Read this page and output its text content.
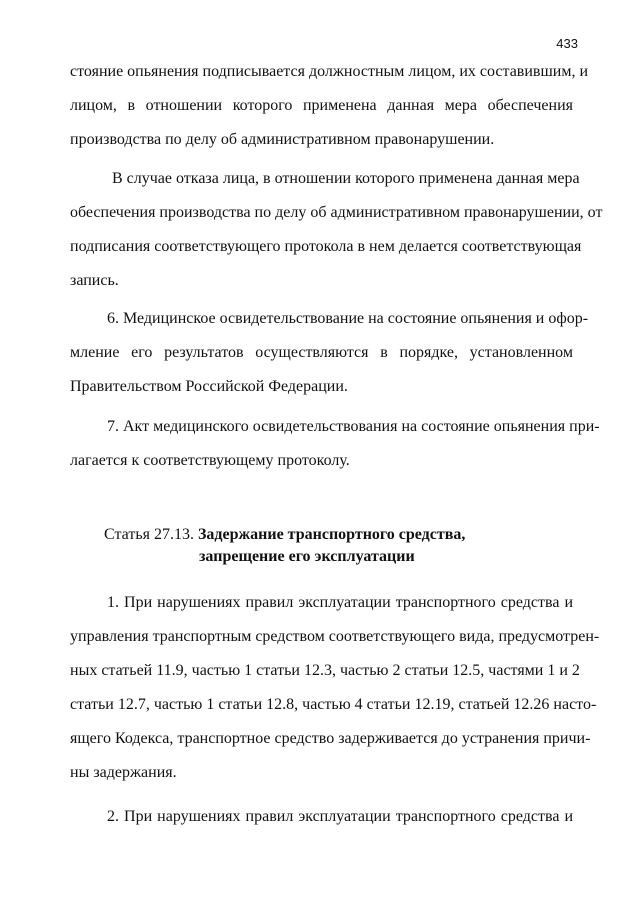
433
стояние опьянения подписывается должностным лицом, их составившим, и
лицом, в отношении которого применена данная мера обеспечения
производства по делу об административном правонарушении.
В случае отказа лица, в отношении которого применена данная мера
обеспечения производства по делу об административном правонарушении, от
подписания соответствующего протокола в нем делается соответствующая
запись.
6. Медицинское освидетельствование на состояние опьянения и офор-
мление его результатов осуществляются в порядке, установленном
Правительством Российской Федерации.
7. Акт медицинского освидетельствования на состояние опьянения при-
лагается к соответствующему протоколу.
Статья 27.13. Задержание транспортного средства,
запрещение его эксплуатации
1. При нарушениях правил эксплуатации транспортного средства и
управления транспортным средством соответствующего вида, предусмотрен-
ных статьей 11.9, частью 1 статьи 12.3, частью 2 статьи 12.5, частями 1 и 2
статьи 12.7, частью 1 статьи 12.8, частью 4 статьи 12.19, статьей 12.26 насто-
ящего Кодекса, транспортное средство задерживается до устранения причи-
ны задержания.
2. При нарушениях правил эксплуатации транспортного средства и
